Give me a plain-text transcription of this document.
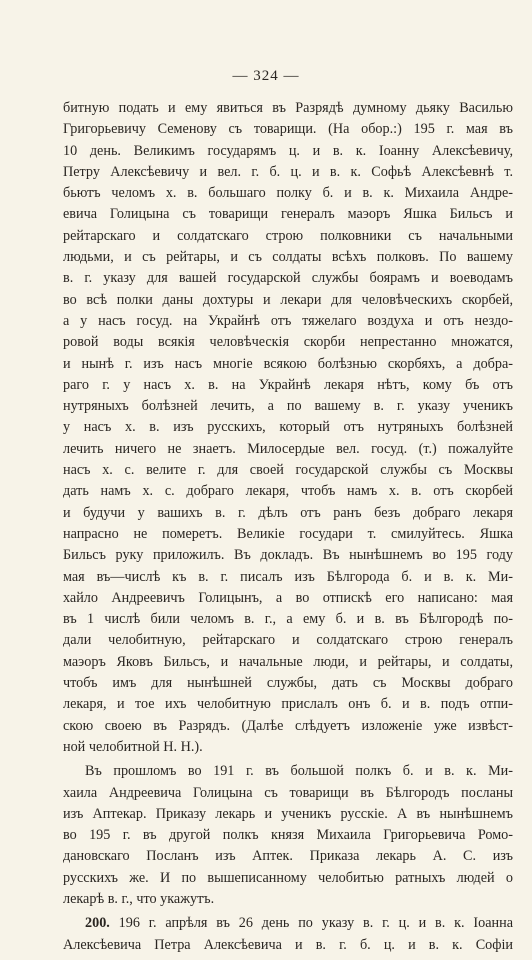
— 324 —
битную подать и ему явиться въ Разрядѣ думному дьяку Василью
Григорьевичу Семенову съ товарищи. (На обор.:) 195 г. мая въ
10 день. Великимъ государямъ ц. и в. к. Іоанну Алексѣевичу,
Петру Алексѣевичу и вел. г. б. ц. и в. к. Софьѣ Алексѣевнѣ т.
бьютъ челомъ х. в. большаго полку б. и в. к. Михаила Андре-
евича Голицына съ товарищи генералъ маэоръ Яшка Бильсъ и
рейтарскаго и солдатскаго строю полковники съ начальными
людьми, и съ рейтары, и съ солдаты всѣхъ полковъ. По вашему
в. г. указу для вашей государской службы боярамъ и воеводамъ
во всѣ полки даны дохтуры и лекари для человѣческихъ скорбей,
а у насъ госуд. на Украйнѣ отъ тяжелаго воздуха и отъ нездо-
ровой воды всякія человѣческія скорби непрестанно множатся,
и нынѣ г. изъ насъ многіе всякою болѣзнью скорбяхъ, а добра-
раго г. у насъ х. в. на Украйнѣ лекаря нѣтъ, кому бъ отъ
нутряныхъ болѣзней лечить, а по вашему в. г. указу ученикъ
у насъ х. в. изъ русскихъ, который отъ нутряныхъ болѣзней
лечить ничего не знаетъ. Милосердые вел. госуд. (т.) пожалуйте
насъ х. с. велите г. для своей государской службы съ Москвы
дать намъ х. с. добраго лекаря, чтобъ намъ х. в. отъ скорбей
и будучи у вашихъ в. г. дѣлъ отъ ранъ безъ добраго лекаря
напрасно не померетъ. Великіе государи т. смилуйтесь. Яшка
Бильсъ руку приложилъ. Въ докладъ. Въ нынѣшнемъ во 195 году
мая въ—числѣ къ в. г. писалъ изъ Бѣлгорода б. и в. к. Ми-
хайло Андреевичъ Голицынъ, а во отпискѣ его написано: мая
въ 1 числѣ били челомъ в. г., а ему б. и в. въ Бѣлгородѣ по-
дали челобитную, рейтарскаго и солдатскаго строю генералъ
маэоръ Яковъ Бильсъ, и начальные люди, и рейтары, и солдаты,
чтобъ имъ для нынѣшней службы, дать съ Москвы добраго
лекаря, и тое ихъ челобитную прислалъ онъ б. и в. подъ отпи-
скою своею въ Разрядъ. (Далѣе слѣдуетъ изложеніе уже извѣст-
ной челобитной Н. Н.).
Въ прошломъ во 191 г. въ большой полкъ б. и в. к. Ми-
хаила Андреевича Голицына съ товарищи въ Бѣлгородъ посланы
изъ Аптекар. Приказу лекарь и ученикъ русскіе. А въ нынѣшнемъ
во 195 г. въ другой полкъ князя Михаила Григорьевича Ромо-
дановскаго Посланъ изъ Аптек. Приказа лекарь А. С. изъ
русскихъ же. И по вышеписанному челобитью ратныхъ людей о
лекарѣ в. г., что укажутъ.
200. 196 г. апрѣля въ 26 день по указу в. г. ц. и в. к. Іоанна
Алексѣевича Петра Алексѣевича и в. г. б. ц. и в. к. Софіи
